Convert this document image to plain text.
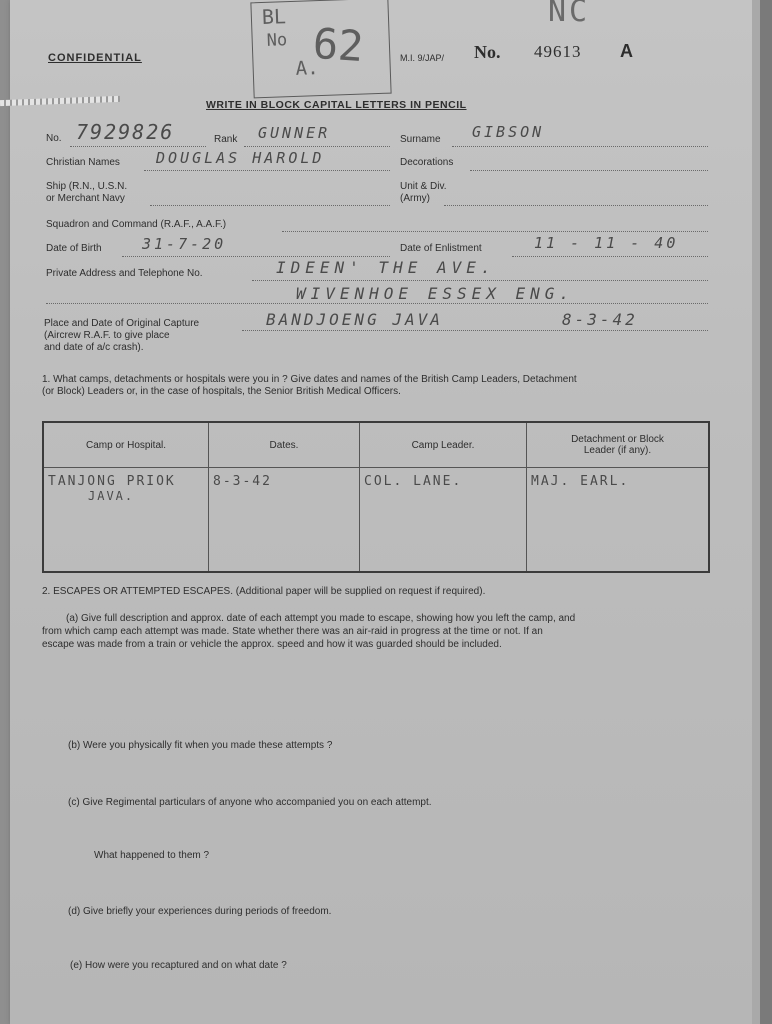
CONFIDENTIAL	M.I. 9/JAP/ No. 49613 A
NC
BL
No
A.
62
WRITE IN BLOCK CAPITAL LETTERS IN PENCIL
No. 7929826	Rank GUNNER	Surname GIBSON
Christian Names DOUGLAS HAROLD	Decorations
Ship (R.N., U.S.N.
or Merchant Navy
Unit & Div.
(Army)
Squadron and Command (R.A.F., A.A.F.)
Date of Birth	31-7-20	Date of Enlistment	11 - 11 - 40
Private Address and Telephone No.	IDEEN' THE AVE.
WIVENHOE ESSEX ENG.
Place and Date of Original Capture
(Aircrew R.A.F. to give place
and date of a/c crash).
BANDJOENG JAVA	8-3-42
1. What camps, detachments or hospitals were you in ? Give dates and names of the British Camp Leaders, Detachment
(or Block) Leaders or, in the case of hospitals, the Senior British Medical Officers.
Camp or Hospital.	Dates.	Camp Leader.	Detachment or Block
Leader (if any).

TANJONG PRIOK
JAVA.	8-3-42	COL. LANE.	MAJ. EARL.
2. ESCAPES OR ATTEMPTED ESCAPES. (Additional paper will be supplied on request if required).
(a) Give full description and approx. date of each attempt you made to escape, showing how you left the camp, and
from which camp each attempt was made. State whether there was an air-raid in progress at the time or not. If an
escape was made from a train or vehicle the approx. speed and how it was guarded should be included.
(b) Were you physically fit when you made these attempts ?
(c) Give Regimental particulars of anyone who accompanied you on each attempt.
What happened to them ?
(d) Give briefly your experiences during periods of freedom.
(e) How were you recaptured and on what date ?
